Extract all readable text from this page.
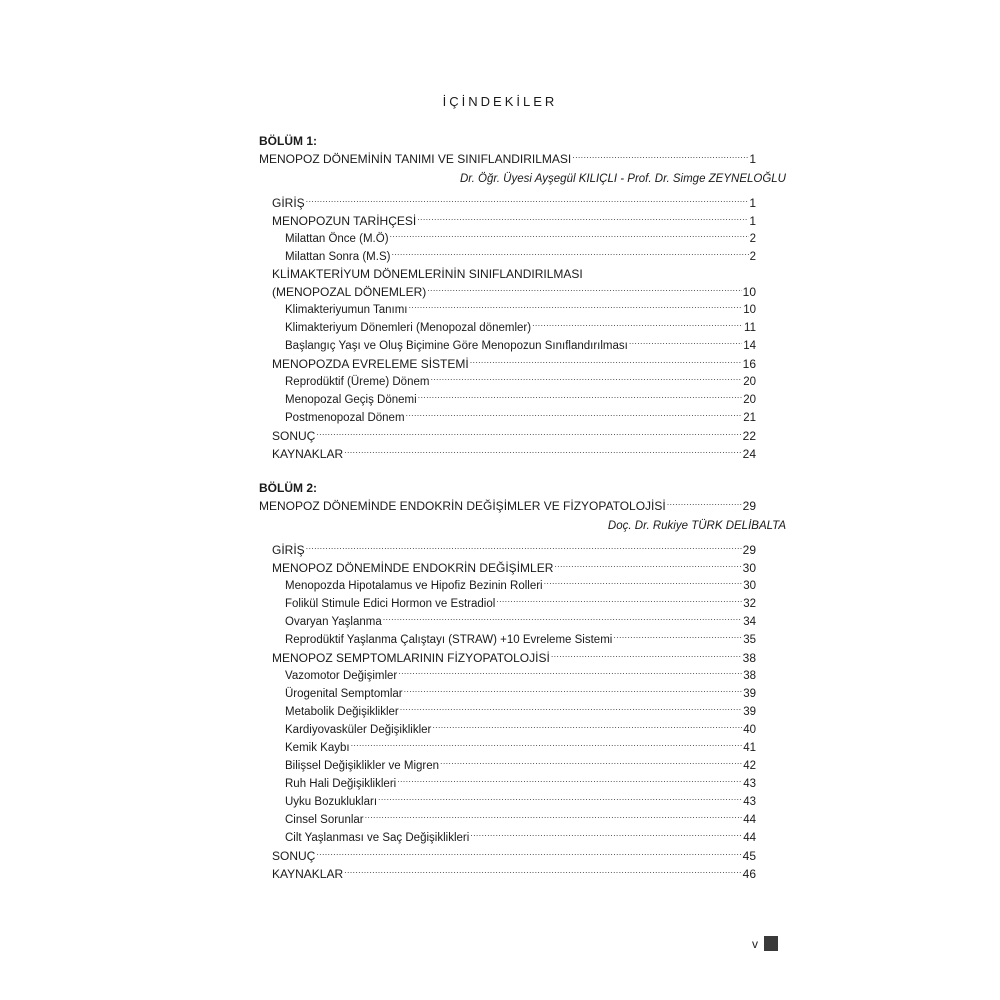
İÇİNDEKİLER
BÖLÜM 1:
MENOPOZ DÖNEMİNİN TANIMI VE SINIFLANDIRILMASI .....	1
Dr. Öğr. Üyesi Ayşegül KILIÇLI - Prof. Dr. Simge ZEYNELOĞLU
GİRİŞ .....	1
MENOPOZUN TARİHÇESİ .....	1
Milattan Önce (M.Ö) .....	2
Milattan Sonra (M.S) .....	2
KLİMAKTERİYUM DÖNEMLERİNİN SINIFLANDIRILMASI
(MENOPOZAL DÖNEMLER) .....	10
Klimakteriyumun Tanımı .....	10
Klimakteriyum Dönemleri (Menopozal dönemler) .....	11
Başlangıç Yaşı ve Oluş Biçimine Göre Menopozun Sınıflandırılması .....	14
MENOPOZDA EVRELEME SİSTEMİ .....	16
Reprodüktif (Üreme) Dönem .....	20
Menopozal Geçiş Dönemi .....	20
Postmenopozal Dönem .....	21
SONUÇ .....	22
KAYNAKLAR .....	24
BÖLÜM 2:
MENOPOZ DÖNEMİNDE ENDOKRİN DEĞİŞİMLER VE FİZYOPATOLOJİSİ .....	29
Doç. Dr. Rukiye TÜRK DELİBALTA
GİRİŞ .....	29
MENOPOZ DÖNEMİNDE ENDOKRİN DEĞİŞİMLER .....	30
Menopozda Hipotalamus ve Hipofiz Bezinin Rolleri .....	30
Folikül Stimule Edici Hormon ve Estradiol .....	32
Ovaryan Yaşlanma .....	34
Reprodüktif Yaşlanma Çalıştayı (STRAW) +10 Evreleme Sistemi .....	35
MENOPOZ SEMPTOMLARININ FİZYOPATOLOJİSİ .....	38
Vazomotor Değişimler .....	38
Ürogenital Semptomlar .....	39
Metabolik Değişiklikler .....	39
Kardiyovasküler Değişiklikler .....	40
Kemik Kaybı .....	41
Bilişsel Değişiklikler ve Migren .....	42
Ruh Hali Değişiklikleri .....	43
Uyku Bozuklukları .....	43
Cinsel Sorunlar .....	44
Cilt Yaşlanması ve Saç Değişiklikleri .....	44
SONUÇ .....	45
KAYNAKLAR .....	46
v
